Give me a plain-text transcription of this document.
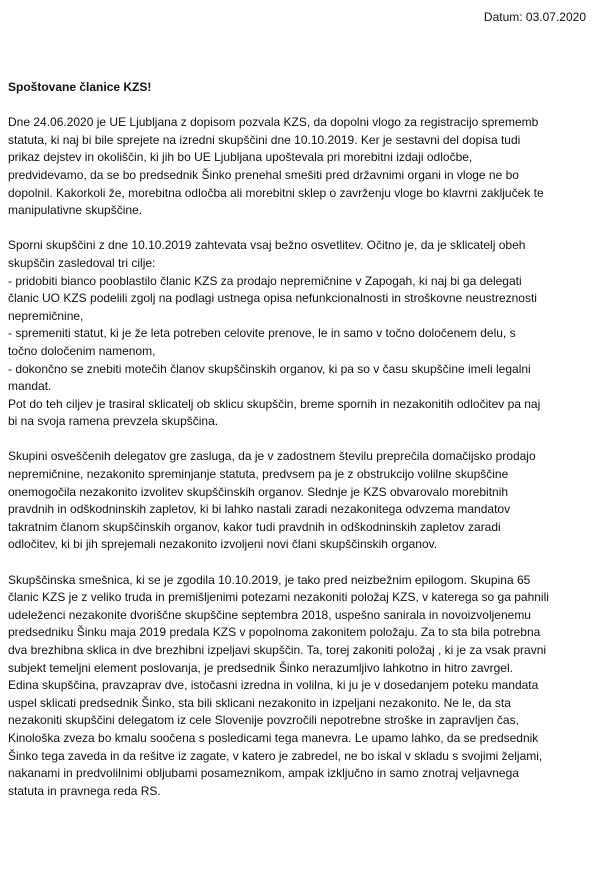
Datum: 03.07.2020
Spoštovane članice KZS!
Dne 24.06.2020 je UE Ljubljana z dopisom pozvala KZS, da dopolni vlogo za registracijo sprememb
statuta, ki naj bi bile sprejete na izredni skupščini dne 10.10.2019. Ker je sestavni del dopisa tudi
prikaz dejstev in okoliščin, ki jih bo UE Ljubljana upoštevala pri morebitni izdaji odločbe,
predvidevamo, da se bo predsednik Šinko prenehal smešiti pred državnimi organi in vloge ne bo
dopolnil. Kakorkoli že, morebitna odločba ali morebitni sklep o zavrženju vloge bo klavrni zaključek te
manipulativne skupščine.
Sporni skupščini z dne 10.10.2019 zahtevata vsaj bežno osvetlitev. Očitno je, da je sklicatelj obeh
skupščin zasledoval tri cilje:
- pridobiti bianco pooblastilo članic KZS za prodajo nepremičnine v Zapogah, ki naj bi ga delegati
članic UO KZS podelili zgolj na podlagi ustnega opisa nefunkcionalnosti in stroškovne neustreznosti
nepremičnine,
- spremeniti statut, ki je že leta potreben celovite prenove, le in samo v točno določenem delu, s
točno določenim namenom,
- dokončno se znebiti motečih članov skupščinskih organov, ki pa so v času skupščine imeli legalni
mandat.
Pot do teh ciljev je trasiral sklicatelj ob sklicu skupščin, breme spornih in nezakonitih odločitev pa naj
bi na svoja ramena prevzela skupščina.
Skupini osveščenih delegatov gre zasluga, da je v zadostnem številu preprečila domačijsko prodajo
nepremičnine, nezakonito spreminjanje statuta, predvsem pa je z obstrukcijo volilne skupščine
onemogočila nezakonito izvolitev skupščinskih organov. Slednje je KZS obvarovalo morebitnih
pravdnih in odškodninskih zapletov, ki bi lahko nastali zaradi nezakonitega odvzema mandatov
takratnim članom skupščinskih organov, kakor tudi pravdnih in odškodninskih zapletov zaradi
odločitev, ki bi jih sprejemali nezakonito izvoljeni novi člani skupščinskih organov.
Skupščinska smešnica, ki se je zgodila 10.10.2019, je tako pred neizbežnim epilogom. Skupina 65
članic KZS je z veliko truda in premišljenimi potezami nezakoniti položaj KZS, v katerega so ga pahnili
udeleženci nezakonite dvoriščne skupščine septembra 2018, uspešno sanirala in novoizvoljenemu
predsedniku Šinku maja 2019 predala KZS v popolnoma zakonitem položaju. Za to sta bila potrebna
dva brezhibna sklica in dve brezhibni izpeljavi skupščin. Ta, torej zakoniti položaj , ki je za vsak pravni
subjekt temeljni element poslovanja, je predsednik Šinko nerazumljivo lahkotno in hitro zavrgel.
Edina skupščina, pravzaprav dve, istočasni izredna in volilna, ki ju je v dosedanjem poteku mandata
uspel sklicati predsednik Šinko, sta bili sklicani nezakonito in izpeljani nezakonito. Ne le, da sta
nezakoniti skupščini delegatom iz cele Slovenije povzročili nepotrebne stroške in zapravljen čas,
Kinološka zveza bo kmalu soočena s posledicami tega manevra. Le upamo lahko, da se predsednik
Šinko tega zaveda in da rešitve iz zagate, v katero je zabredel, ne bo iskal v skladu s svojimi željami,
nakanami in predvolilnimi obljubami posameznikom, ampak izključno in samo znotraj veljavnega
statuta in pravnega reda RS.
